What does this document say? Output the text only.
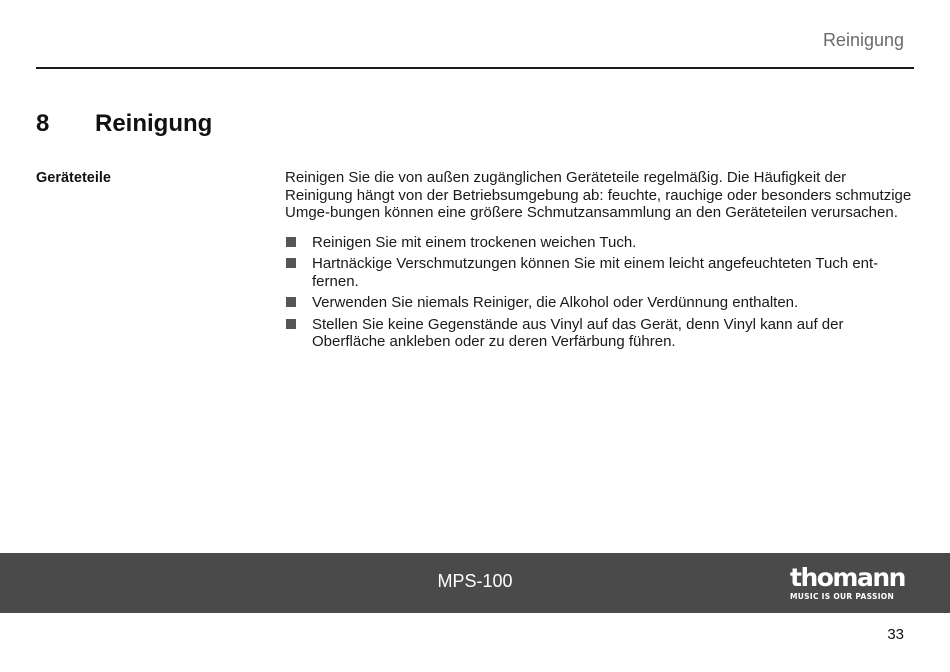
Reinigung
8 Reinigung
Geräteteile	Reinigen Sie die von außen zugänglichen Geräteteile regelmäßig. Die Häufigkeit der Reinigung hängt von der Betriebsumgebung ab: feuchte, rauchige oder besonders schmutzige Umge-bungen können eine größere Schmutzansammlung an den Geräteteilen verursachen.

Reinigen Sie mit einem trockenen weichen Tuch.
Hartnäckige Verschmutzungen können Sie mit einem leicht angefeuchteten Tuch ent-fernen.
Verwenden Sie niemals Reiniger, die Alkohol oder Verdünnung enthalten.
Stellen Sie keine Gegenstände aus Vinyl auf das Gerät, denn Vinyl kann auf der Oberfläche ankleben oder zu deren Verfärbung führen.
MPS-100	thomann
MUSIC IS OUR PASSION
33
